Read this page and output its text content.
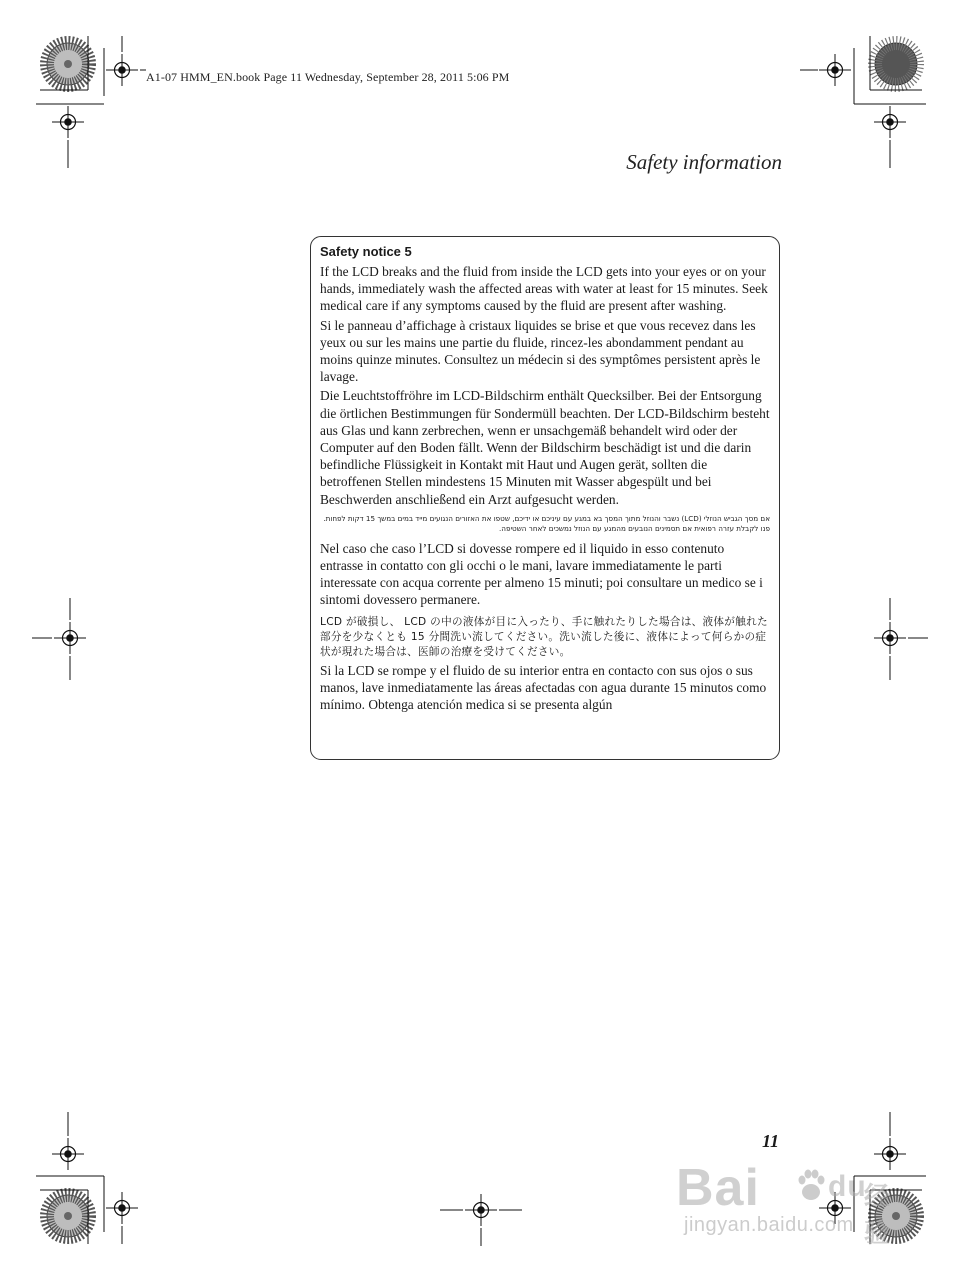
A1-07 HMM_EN.book Page 11 Wednesday, September 28, 2011 5:06 PM
Safety information
Safety notice 5

If the LCD breaks and the fluid from inside the LCD gets into your eyes or on your hands, immediately wash the affected areas with water at least for 15 minutes. Seek medical care if any symptoms caused by the fluid are present after washing.

Si le panneau d’affichage à cristaux liquides se brise et que vous recevez dans les yeux ou sur les mains une partie du fluide, rincez-les abondamment pendant au moins quinze minutes. Consultez un médecin si des symptômes persistent après le lavage.

Die Leuchtstoffröhre im LCD-Bildschirm enthält Quecksilber. Bei der Entsorgung die örtlichen Bestimmungen für Sondermüll beachten. Der LCD-Bildschirm besteht aus Glas und kann zerbrechen, wenn er unsachgemäß behandelt wird oder der Computer auf den Boden fällt. Wenn der Bildschirm beschädigt ist und die darin befindliche Flüssigkeit in Kontakt mit Haut und Augen gerät, sollten die betroffenen Stellen mindestens 15 Minuten mit Wasser abgespült und bei Beschwerden anschließend ein Arzt aufgesucht werden.

אם מסך הגביש הנוזלי (LCD) נשבר והנוזל מתוך המסך בא במגע עם עיניכם או ידיכם, שטפו את האזורים הנגועים מייד במים במשך 15 דקות לפחות. פנו לקבלת עזרה רפואית אם תסמינים הנובעים מהמגע עם הנוזל נמשכים לאחר השטיפה.

Nel caso che caso l’LCD si dovesse rompere ed il liquido in esso contenuto entrasse in contatto con gli occhi o le mani, lavare immediatamente le parti interessate con acqua corrente per almeno 15 minuti; poi consultare un medico se i sintomi dovessero permanere.

LCD が破損し、 LCD の中の液体が目に入ったり、手に触れたりした場合は、液体が触れた部分を少なくとも 15 分間洗い流してください。洗い流した後に、液体によって何らかの症状が現れた場合は、医師の治療を受けてください。

Si la LCD se rompe y el fluido de su interior entra en contacto con sus ojos o sus manos, lave inmediatamente las áreas afectadas con agua durante 15 minutos como mínimo. Obtenga atención medica si se presenta algún

11
Bai du
经验
jingyan.baidu.com
